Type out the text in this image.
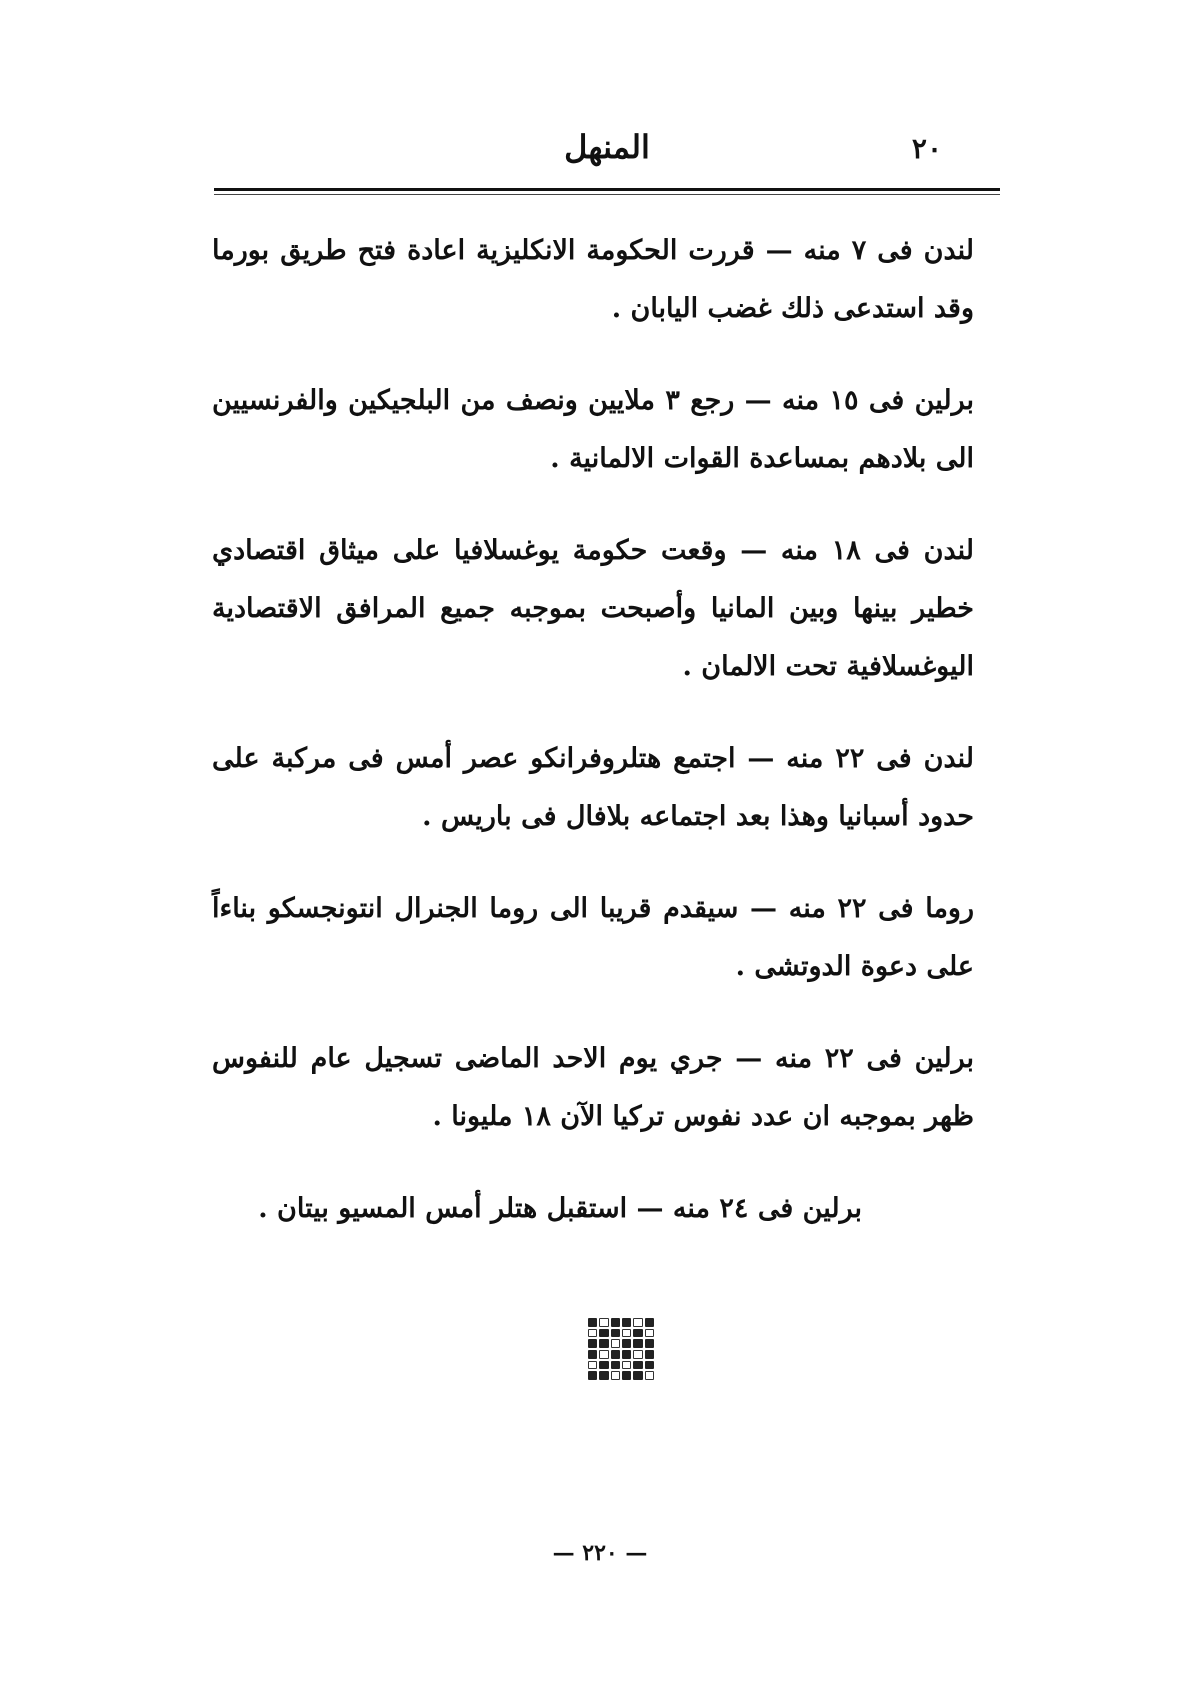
٢٠
المنهل

لندن فى ٧ منه — قررت الحكومة الانكليزية اعادة فتح طريق بورما وقد استدعى ذلك غضب اليابان .

برلين فى ١٥ منه — رجع ٣ ملايين ونصف من البلجيكين والفرنسيين الى بلادهم بمساعدة القوات الالمانية .

لندن فى ١٨ منه — وقعت حكومة يوغسلافيا على ميثاق اقتصادي خطير بينها وبين المانيا وأصبحت بموجبه جميع المرافق الاقتصادية اليوغسلافية تحت الالمان .

لندن فى ٢٢ منه — اجتمع هتلروفرانكو عصر أمس فى مركبة على حدود أسبانيا وهذا بعد اجتماعه بلافال فى باريس .

روما فى ٢٢ منه — سيقدم قريبا الى روما الجنرال انتونجسكو بناءاً على دعوة الدوتشى .

برلين فى ٢٢ منه — جري يوم الاحد الماضى تسجيل عام للنفوس ظهر بموجبه ان عدد نفوس تركيا الآن ١٨ مليونا .

برلين فى ٢٤ منه — استقبل هتلر أمس المسيو بيتان .

— ٢٢٠ —
